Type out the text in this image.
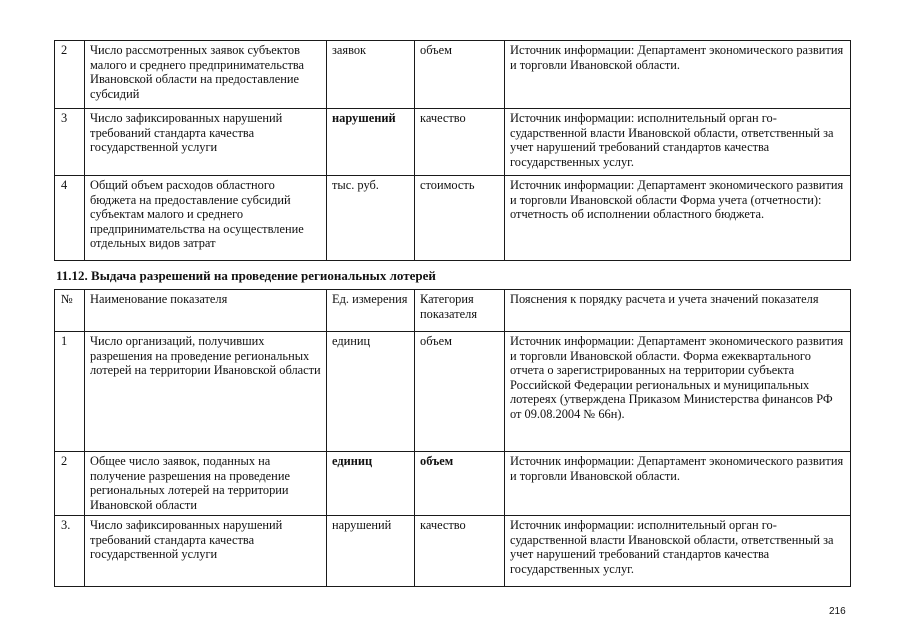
2	Число рассмотренных заявок субъектов малого и среднего предпринимательства Ивановской области на предоставление субсидий	заявок	объем	Источник информации: Департамент экономического развития и торговли Ивановской области.
3	Число зафиксированных нарушений требований стандарта качества государственной услуги	нарушений	качество	Источник информации: исполнительный орган государственной власти Ивановской области, ответственный за учет нарушений требований стандартов качества государственных услуг.
4	Общий объем расходов областного бюджета на предоставление субсидий субъектам малого и среднего предпринимательства на осуществление отдельных видов затрат	тыс. руб.	стоимость	Источник информации: Департамент экономического развития и торговли Ивановской области Форма учета (отчетности): отчетность об исполнении областного бюджета.
11.12. Выдача разрешений на проведение региональных лотерей
№	Наименование показателя	Ед. измерения	Категория показателя	Пояснения к порядку расчета и учета значений показателя
1	Число организаций, получивших разрешения на проведение региональных лотерей на территории Ивановской области	единиц	объем	Источник информации: Департамент экономического развития и торговли Ивановской области. Форма ежеквартального отчета о зарегистрированных на территории субъекта Российской Федерации региональных и муниципальных лотереях (утверждена Приказом Министерства финансов РФ от 09.08.2004 № 66н).
2	Общее число заявок, поданных на получение разрешения на проведение региональных лотерей на территории Ивановской области	единиц	объем	Источник информации: Департамент экономического развития и торговли Ивановской области.
3.	Число зафиксированных нарушений требований стандарта качества государственной услуги	нарушений	качество	Источник информации: исполнительный орган государственной власти Ивановской области, ответственный за учет нарушений требований стандартов качества государственных услуг.
216
